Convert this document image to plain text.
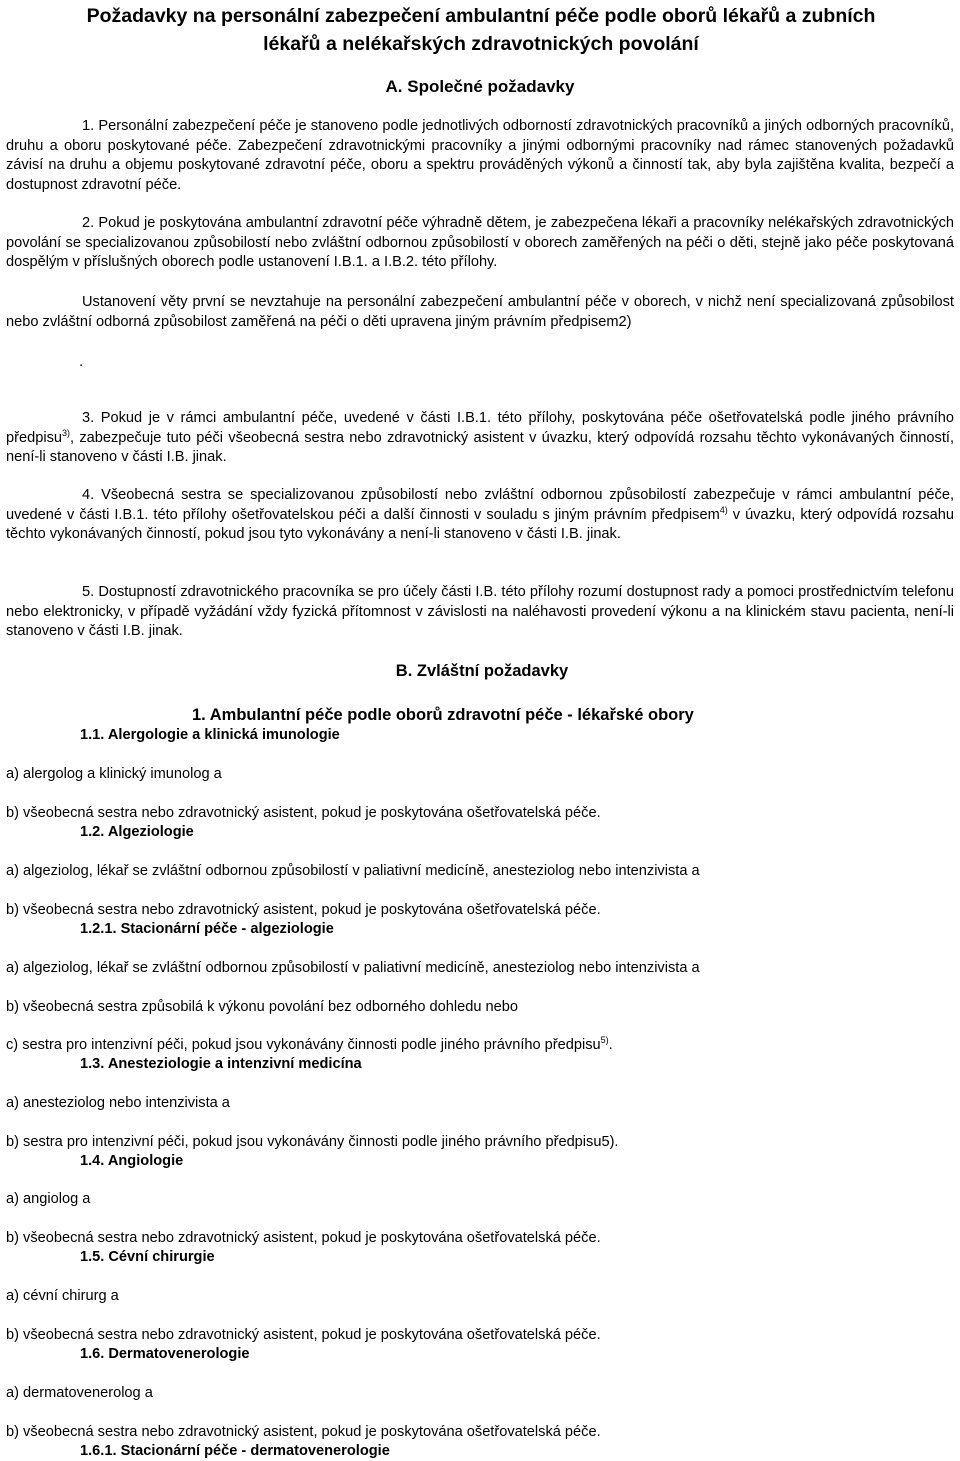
Požadavky na personální zabezpečení ambulantní péče podle oborů lékařů a zubních
lékařů a nelékařských zdravotnických povolání
A. Společné požadavky
1. Personální zabezpečení péče je stanoveno podle jednotlivých odborností zdravotnických pracovníků a jiných odborných pracovníků, druhu a oboru poskytované péče. Zabezpečení zdravotnickými pracovníky a jinými odbornými pracovníky nad rámec stanovených požadavků závisí na druhu a objemu poskytované zdravotní péče, oboru a spektru prováděných výkonů a činností tak, aby byla zajištěna kvalita, bezpečí a dostupnost zdravotní péče.
2. Pokud je poskytována ambulantní zdravotní péče výhradně dětem, je zabezpečena lékaři a pracovníky nelékařských zdravotnických povolání se specializovanou způsobilostí nebo zvláštní odbornou způsobilostí v oborech zaměřených na péči o děti, stejně jako péče poskytovaná dospělým v příslušných oborech podle ustanovení I.B.1. a I.B.2. této přílohy.
Ustanovení věty první se nevztahuje na personální zabezpečení ambulantní péče v oborech, v nichž není specializovaná způsobilost nebo zvláštní odborná způsobilost zaměřená na péči o děti upravena jiným právním předpisem2)
.
3. Pokud je v rámci ambulantní péče, uvedené v části I.B.1. této přílohy, poskytována péče ošetřovatelská podle jiného právního předpisu$^{3)}$, zabezpečuje tuto péči všeobecná sestra nebo zdravotnický asistent v úvazku, který odpovídá rozsahu těchto vykonávaných činností, není-li stanoveno v části I.B. jinak.
4. Všeobecná sestra se specializovanou způsobilostí nebo zvláštní odbornou způsobilostí zabezpečuje v rámci ambulantní péče, uvedené v části I.B.1. této přílohy ošetřovatelskou péči a další činnosti v souladu s jiným právním předpisem$^{4)}$ v úvazku, který odpovídá rozsahu těchto vykonávaných činností, pokud jsou tyto vykonávány a není-li stanoveno v části I.B. jinak.
5. Dostupností zdravotnického pracovníka se pro účely části I.B. této přílohy rozumí dostupnost rady a pomoci prostřednictvím telefonu nebo elektronicky, v případě vyžádání vždy fyzická přítomnost v závislosti na naléhavosti provedení výkonu a na klinickém stavu pacienta, není-li stanoveno v části I.B. jinak.
B. Zvláštní požadavky
1. Ambulantní péče podle oborů zdravotní péče - lékařské obory
1.1. Alergologie a klinická imunologie
a) alergolog a klinický imunolog a
b) všeobecná sestra nebo zdravotnický asistent, pokud je poskytována ošetřovatelská péče.
1.2. Algeziologie
a) algeziolog, lékař se zvláštní odbornou způsobilostí v paliativní medicíně, anesteziolog nebo intenzivista a
b) všeobecná sestra nebo zdravotnický asistent, pokud je poskytována ošetřovatelská péče.
1.2.1. Stacionární péče - algeziologie
a) algeziolog, lékař se zvláštní odbornou způsobilostí v paliativní medicíně, anesteziolog nebo intenzivista a
b) všeobecná sestra způsobilá k výkonu povolání bez odborného dohledu nebo
c) sestra pro intenzivní péči, pokud jsou vykonávány činnosti podle jiného právního předpisu$^{5)}$.
1.3. Anesteziologie a intenzivní medicína
a) anesteziolog nebo intenzivista a
b) sestra pro intenzivní péči, pokud jsou vykonávány činnosti podle jiného právního předpisu5).
1.4. Angiologie
a) angiolog a
b) všeobecná sestra nebo zdravotnický asistent, pokud je poskytována ošetřovatelská péče.
1.5. Cévní chirurgie
a) cévní chirurg a
b) všeobecná sestra nebo zdravotnický asistent, pokud je poskytována ošetřovatelská péče.
1.6. Dermatovenerologie
a) dermatovenerolog a
b) všeobecná sestra nebo zdravotnický asistent, pokud je poskytována ošetřovatelská péče.
1.6.1. Stacionární péče - dermatovenerologie
